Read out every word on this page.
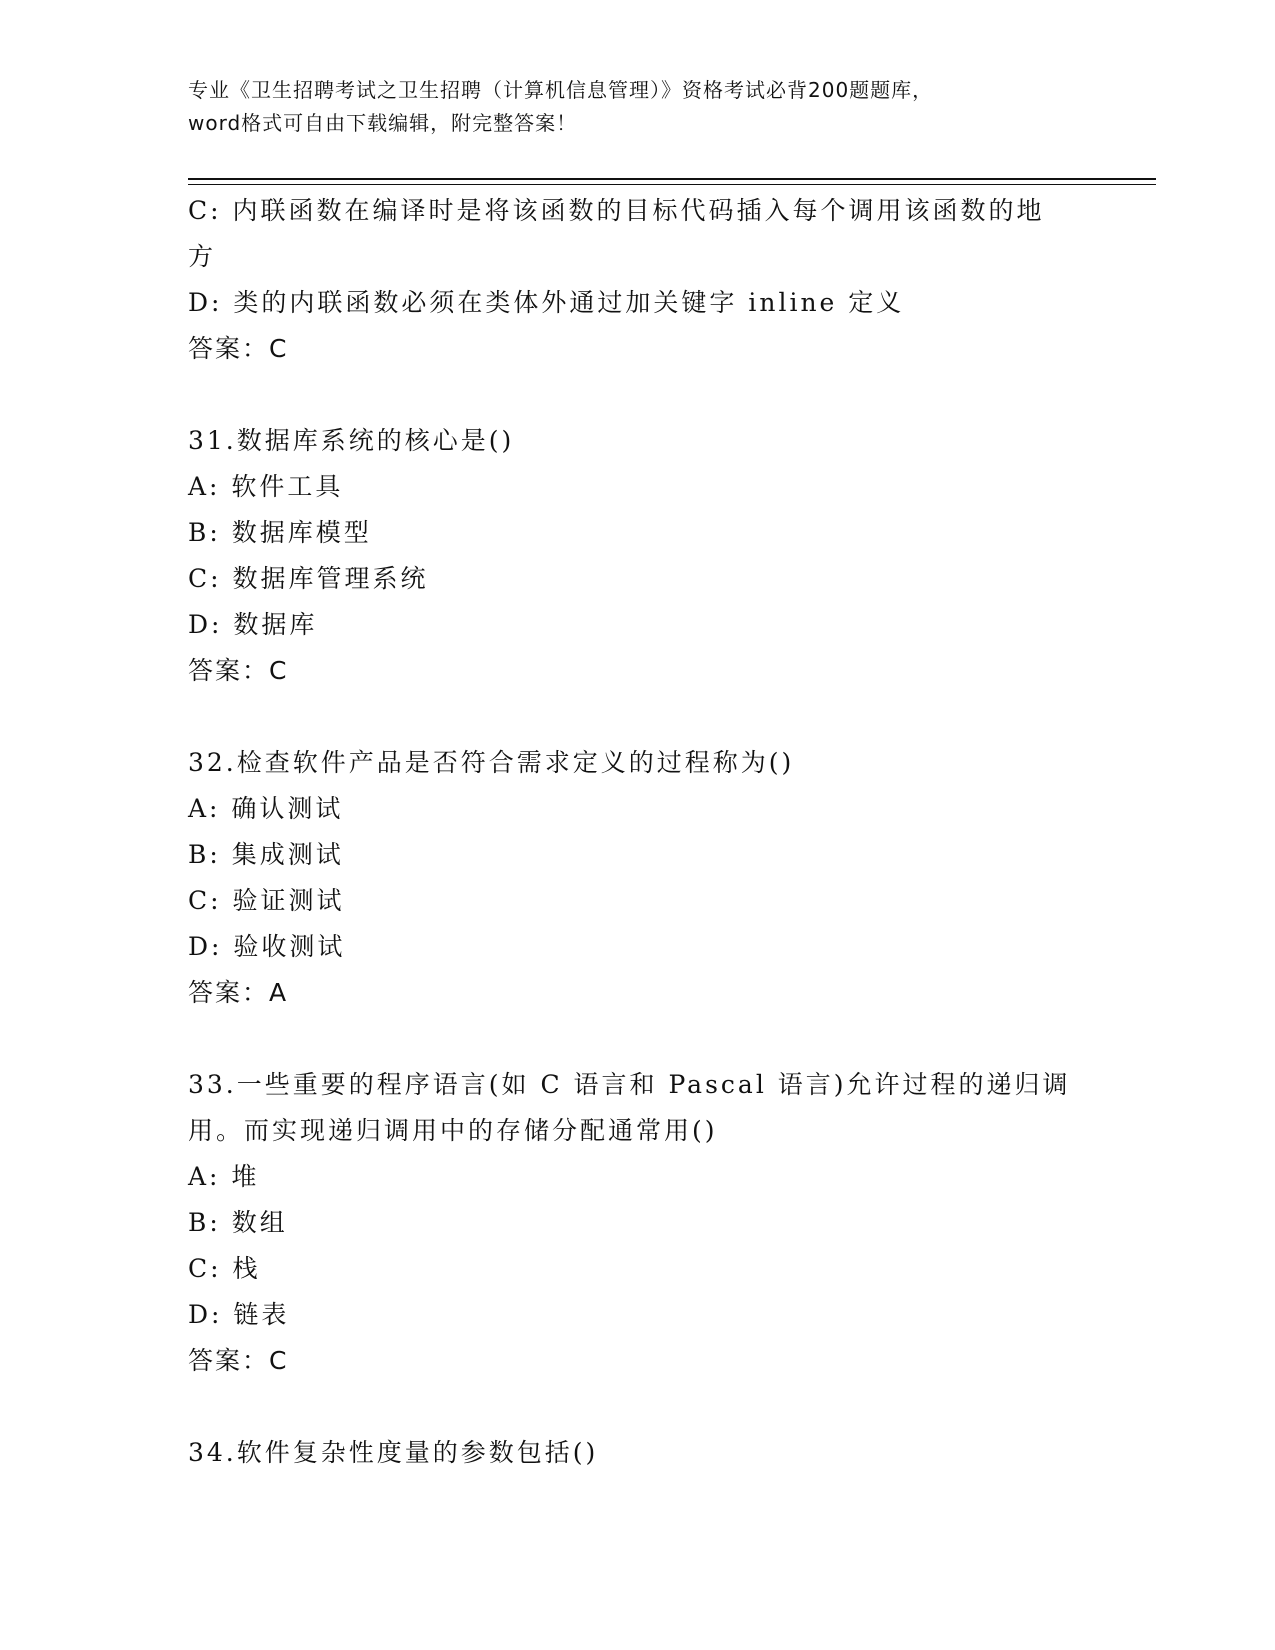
专业《卫生招聘考试之卫生招聘（计算机信息管理）》资格考试必背200题题库，
word格式可自由下载编辑，附完整答案！
C: 内联函数在编译时是将该函数的目标代码插入每个调用该函数的地
方
D: 类的内联函数必须在类体外通过加关键字 inline 定义
答案：C
31.数据库系统的核心是()
A: 软件工具
B: 数据库模型
C: 数据库管理系统
D: 数据库
答案：C
32.检查软件产品是否符合需求定义的过程称为()
A: 确认测试
B: 集成测试
C: 验证测试
D: 验收测试
答案：A
33.一些重要的程序语言(如 C 语言和 Pascal 语言)允许过程的递归调
用。而实现递归调用中的存储分配通常用()
A: 堆
B: 数组
C: 栈
D: 链表
答案：C
34.软件复杂性度量的参数包括()
